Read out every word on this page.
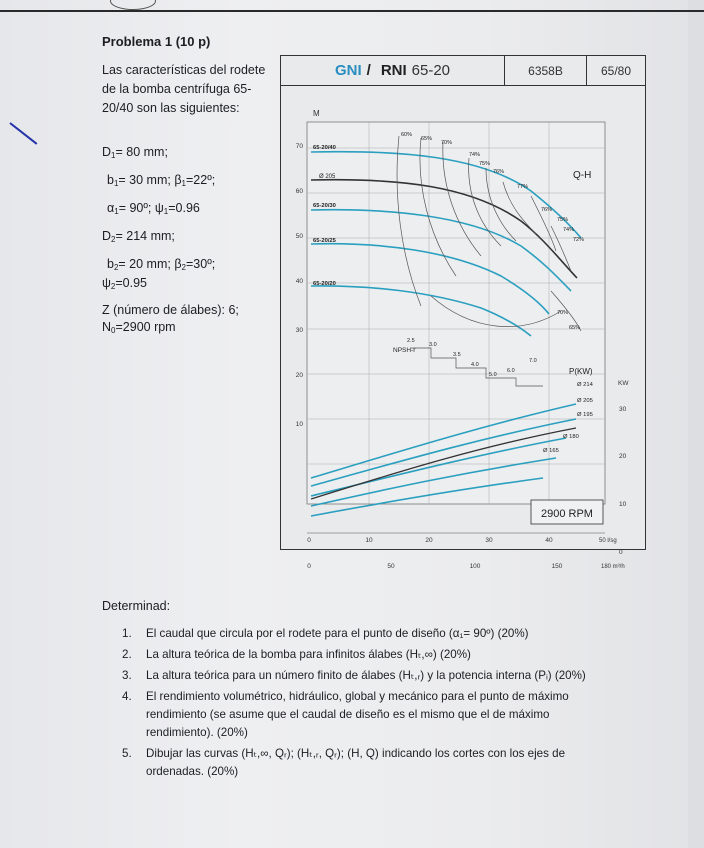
Problema 1 (10 p)
Las características del rodete de la bomba centrífuga 65-20/40 son las siguientes:
$D_1= 80$ mm;
$b_1= 30$ mm; $\beta_1=22º$;
$\alpha_1=$ 90º; $\psi_1=0.96$
$D_2= 214$ mm;
$b_2= 20$ mm; $\beta_2=30º$;
$\psi_2=0.95$
Z (número de álabes): 6;
$N_0=2900$ rpm
GNI / RNI 65-20	6358B	65/80
M
70
60
50
40
30
20
10
KW
30
20
10
0
65-20/40
65-20/30
65-20/25
65-20/20
Ø 205	Q-H
P(KW)
NPSH-r
60%
65%
70%
74%
75%
76%
77%
76%
75%
74%
72%
70%
65%
2.5
3.0
3.5
4.0
5.0
6.0
7.0
Ø 214
Ø 205
Ø 195
Ø 180
Ø 165
2900 RPM
0	10	20	30	40	50 l/sg
0	50	100	150	180 m³/h
Determinad:
1. El caudal que circula por el rodete para el punto de diseño (α₁= 90º) (20%)
2. La altura teórica de la bomba para infinitos álabes (Hₜ,∞) (20%)
3. La altura teórica para un número finito de álabes (Hₜ,ᵣ) y la potencia interna (Pᵢ) (20%)
4. El rendimiento volumétrico, hidráulico, global y mecánico para el punto de máximo rendimiento (se asume que el caudal de diseño es el mismo que el de máximo rendimiento). (20%)
5. Dibujar las curvas (Hₜ,∞, Qᵣ); (Hₜ,ᵣ, Qᵣ); (H, Q) indicando los cortes con los ejes de ordenadas. (20%)
